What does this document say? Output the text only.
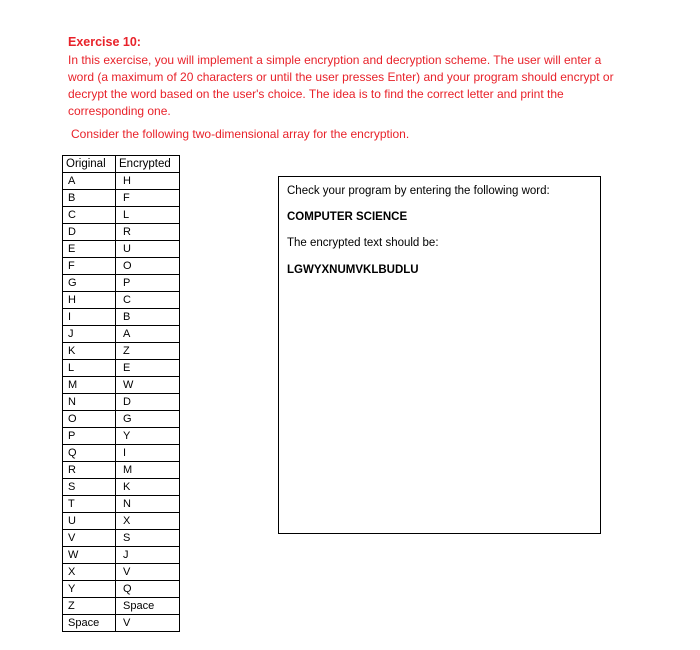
Exercise 10:
In this exercise, you will implement a simple encryption and decryption scheme. The user will enter a word (a maximum of 20 characters or until the user presses Enter) and your program should encrypt or decrypt the word based on the user's choice. The idea is to find the correct letter and print the corresponding one.
Consider the following two-dimensional array for the encryption.
Original	Encrypted
A	H
B	F
C	L
D	R
E	U
F	O
G	P
H	C
I	B
J	A
K	Z
L	E
M	W
N	D
O	G
P	Y
Q	I
R	M
S	K
T	N
U	X
V	S
W	J
X	V
Y	Q
Z	Space
Space	V
Check your program by entering the following word:
COMPUTER SCIENCE
The encrypted text should be:
LGWYXNUMVKLBUDLU
